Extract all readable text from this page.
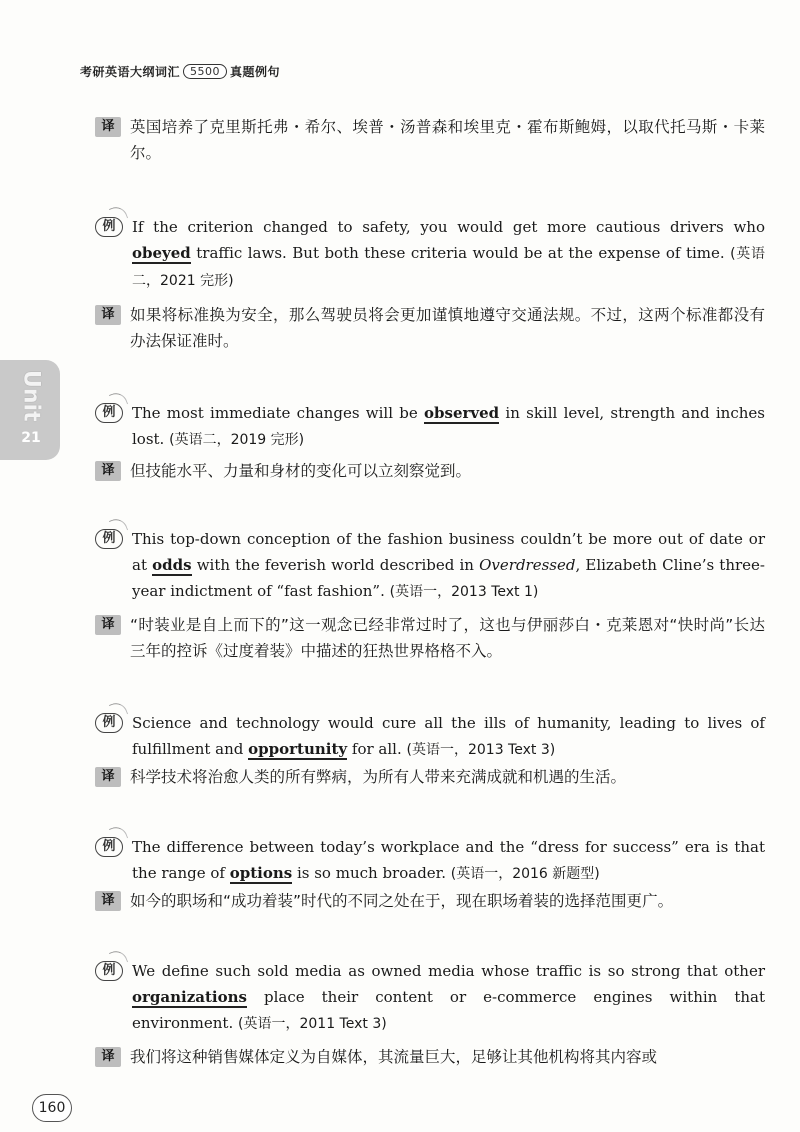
考研英语大纲词汇 5500 真题例句
Unit
21
译	英国培养了克里斯托弗・希尔、埃普・汤普森和埃里克・霍布斯鲍姆，以取代托马斯・卡莱尔。
例	If the criterion changed to safety, you would get more cautious drivers who obeyed traffic laws. But both these criteria would be at the expense of time. (英语二，2021 完形)
译	如果将标准换为安全，那么驾驶员将会更加谨慎地遵守交通法规。不过，这两个标准都没有办法保证准时。
例	The most immediate changes will be observed in skill level, strength and inches lost. (英语二，2019 完形)
译	但技能水平、力量和身材的变化可以立刻察觉到。
例	This top-down conception of the fashion business couldn’t be more out of date or at odds with the feverish world described in Overdressed, Elizabeth Cline’s three-year indictment of “fast fashion”. (英语一，2013 Text 1)
译	“时装业是自上而下的”这一观念已经非常过时了，这也与伊丽莎白・克莱恩对“快时尚”长达三年的控诉《过度着装》中描述的狂热世界格格不入。
例	Science and technology would cure all the ills of humanity, leading to lives of fulfillment and opportunity for all. (英语一，2013 Text 3)
译	科学技术将治愈人类的所有弊病，为所有人带来充满成就和机遇的生活。
例	The difference between today’s workplace and the “dress for success” era is that the range of options is so much broader. (英语一，2016 新题型)
译	如今的职场和“成功着装”时代的不同之处在于，现在职场着装的选择范围更广。
例	We define such sold media as owned media whose traffic is so strong that other organizations place their content or e-commerce engines within that environment. (英语一，2011 Text 3)
译	我们将这种销售媒体定义为自媒体，其流量巨大，足够让其他机构将其内容或
160
